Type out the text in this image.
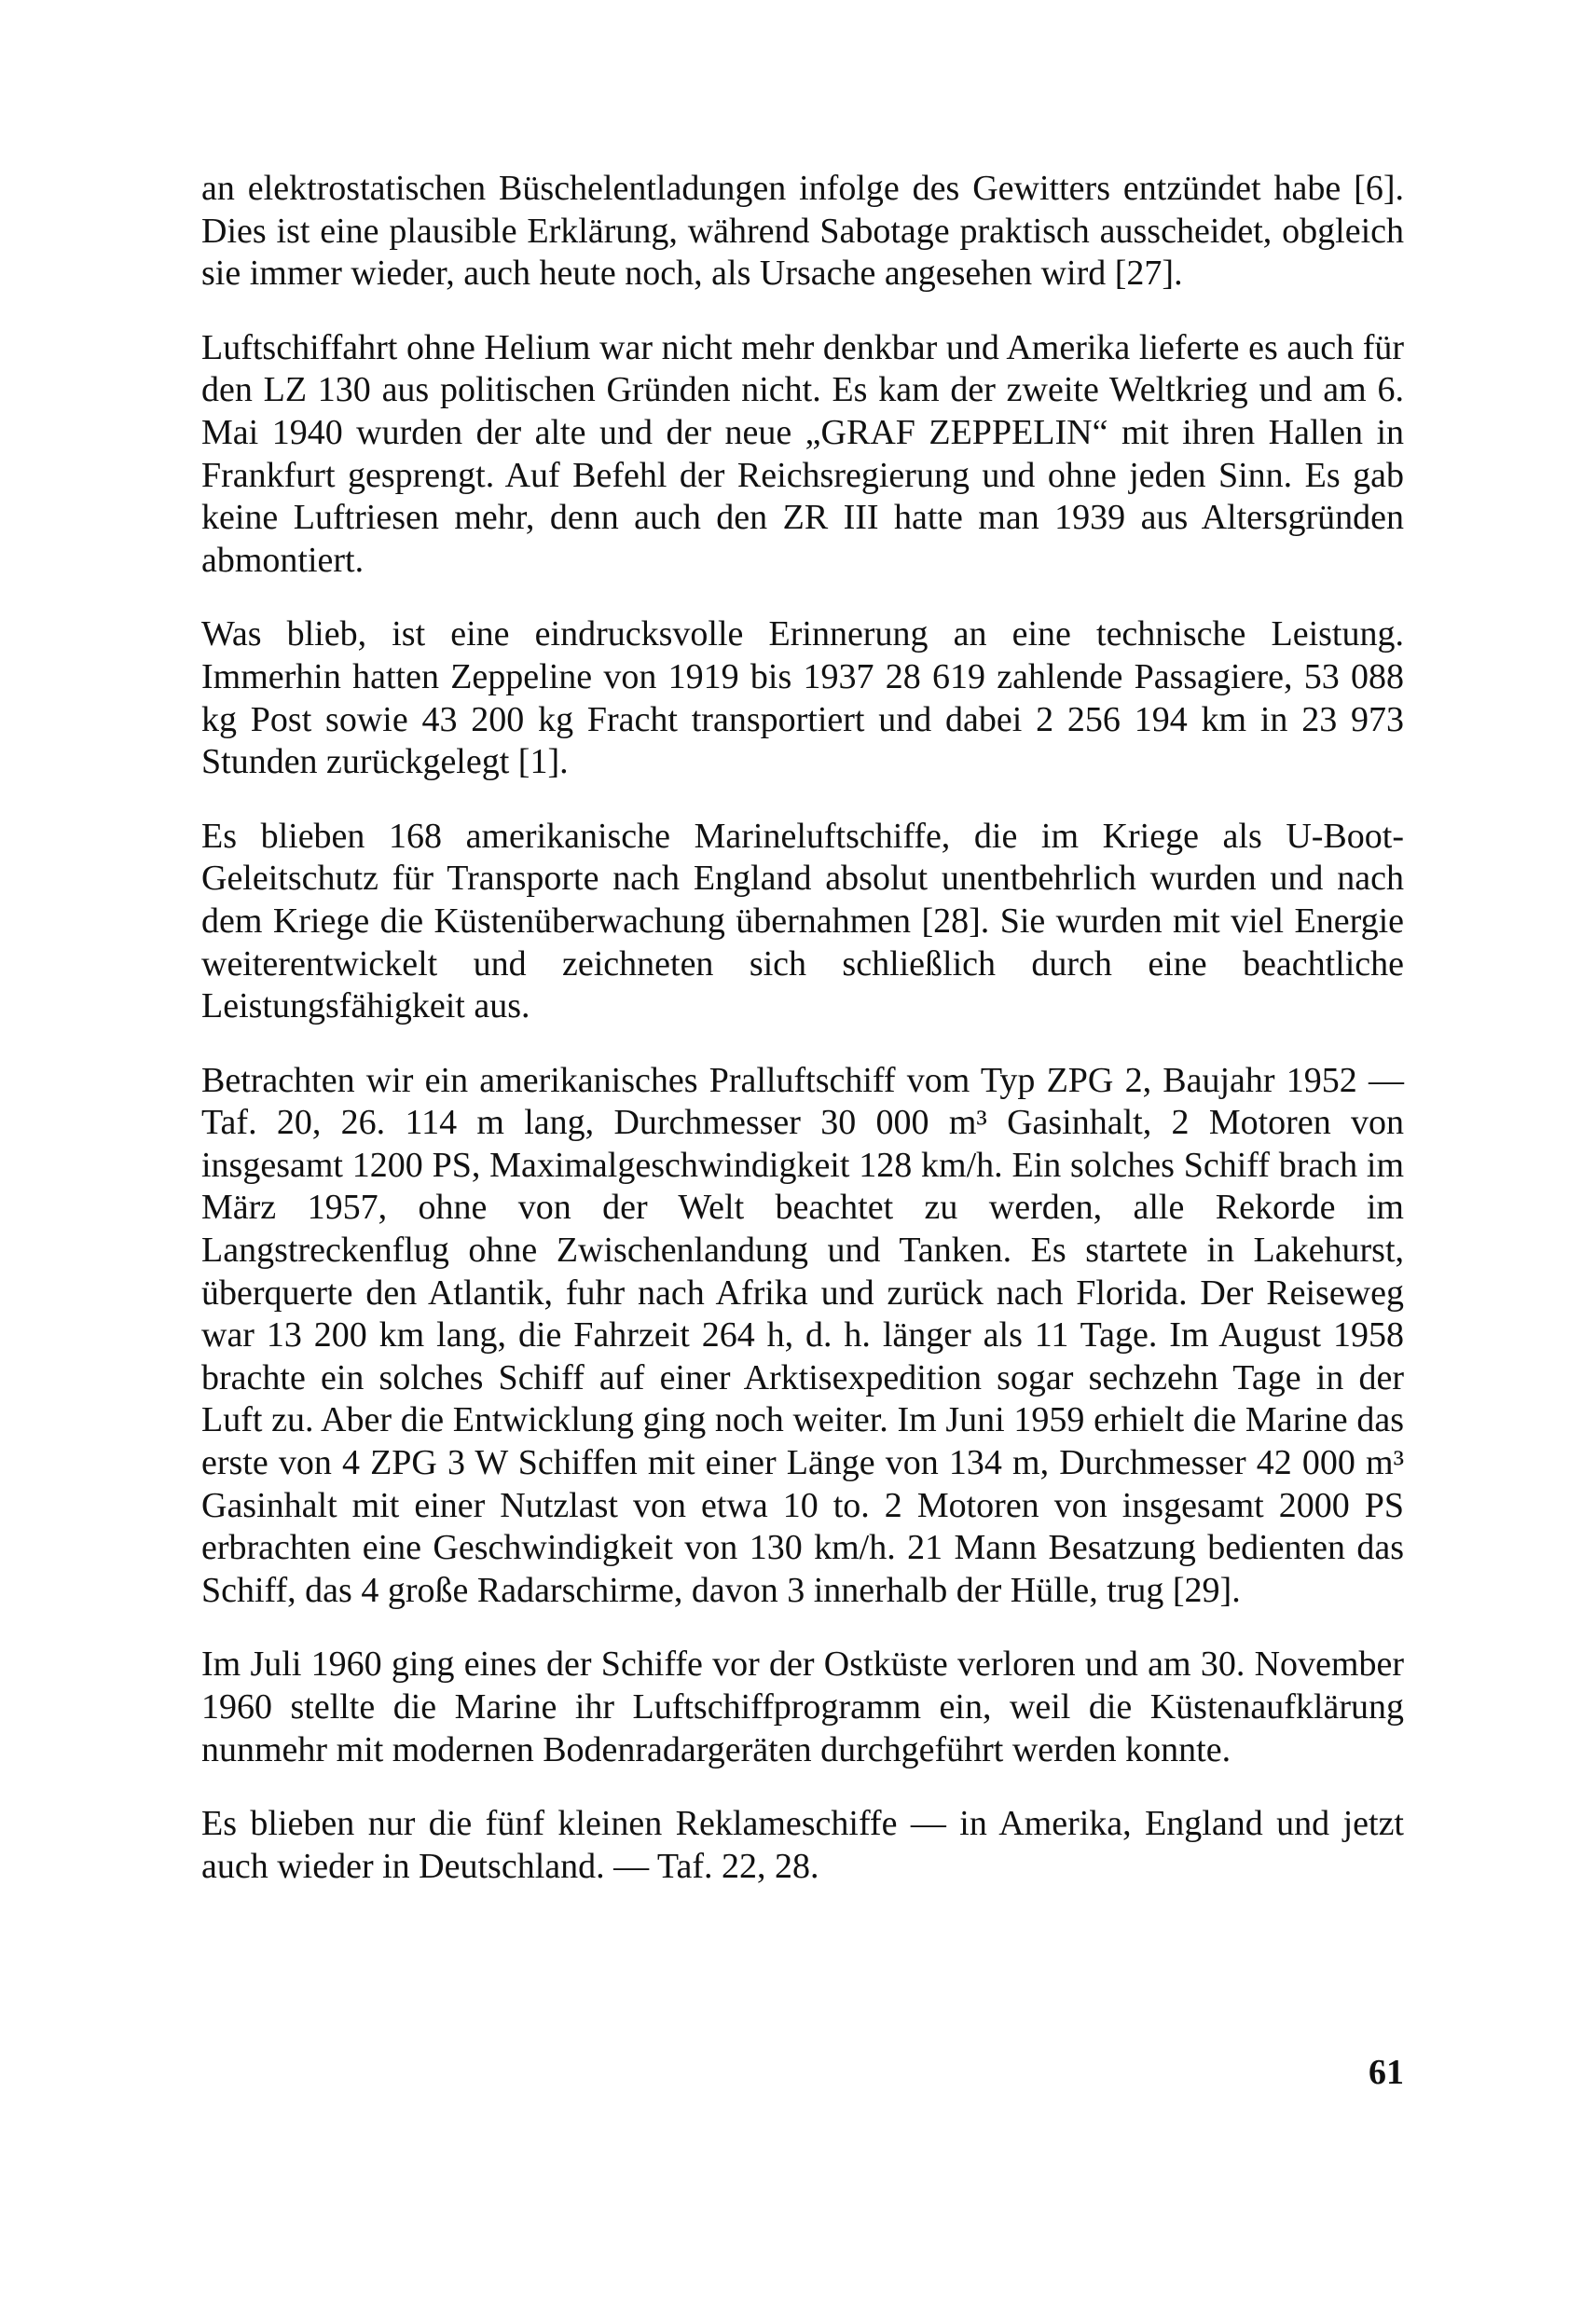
an elektrostatischen Büschelentladungen infolge des Gewitters entzündet habe [6]. Dies ist eine plausible Erklärung, während Sabotage praktisch ausscheidet, obgleich sie immer wieder, auch heute noch, als Ursache angesehen wird [27].

Luftschiffahrt ohne Helium war nicht mehr denkbar und Amerika lieferte es auch für den LZ 130 aus politischen Gründen nicht. Es kam der zweite Weltkrieg und am 6. Mai 1940 wurden der alte und der neue „GRAF ZEPPELIN“ mit ihren Hallen in Frankfurt gesprengt. Auf Befehl der Reichsregierung und ohne jeden Sinn. Es gab keine Luftriesen mehr, denn auch den ZR III hatte man 1939 aus Altersgründen abmontiert.

Was blieb, ist eine eindrucksvolle Erinnerung an eine technische Leistung. Immerhin hatten Zeppeline von 1919 bis 1937 28 619 zahlende Passagiere, 53 088 kg Post sowie 43 200 kg Fracht transportiert und dabei 2 256 194 km in 23 973 Stunden zurückgelegt [1].

Es blieben 168 amerikanische Marineluftschiffe, die im Kriege als U-Boot-Geleitschutz für Transporte nach England absolut unentbehrlich wurden und nach dem Kriege die Küstenüberwachung übernahmen [28]. Sie wurden mit viel Energie weiterentwickelt und zeichneten sich schließlich durch eine beachtliche Leistungsfähigkeit aus.

Betrachten wir ein amerikanisches Pralluftschiff vom Typ ZPG 2, Baujahr 1952 — Taf. 20, 26. 114 m lang, Durchmesser 30 000 m³ Gasinhalt, 2 Motoren von insgesamt 1200 PS, Maximalgeschwindigkeit 128 km/h. Ein solches Schiff brach im März 1957, ohne von der Welt beachtet zu werden, alle Rekorde im Langstreckenflug ohne Zwischenlandung und Tanken. Es startete in Lakehurst, überquerte den Atlantik, fuhr nach Afrika und zurück nach Florida. Der Reiseweg war 13 200 km lang, die Fahrzeit 264 h, d. h. länger als 11 Tage. Im August 1958 brachte ein solches Schiff auf einer Arktisexpedition sogar sechzehn Tage in der Luft zu. Aber die Entwicklung ging noch weiter. Im Juni 1959 erhielt die Marine das erste von 4 ZPG 3 W Schiffen mit einer Länge von 134 m, Durchmesser 42 000 m³ Gasinhalt mit einer Nutzlast von etwa 10 to. 2 Motoren von insgesamt 2000 PS erbrachten eine Geschwindigkeit von 130 km/h. 21 Mann Besatzung bedienten das Schiff, das 4 große Radarschirme, davon 3 innerhalb der Hülle, trug [29].

Im Juli 1960 ging eines der Schiffe vor der Ostküste verloren und am 30. November 1960 stellte die Marine ihr Luftschiffprogramm ein, weil die Küstenaufklärung nunmehr mit modernen Bodenradargeräten durchgeführt werden konnte.

Es blieben nur die fünf kleinen Reklameschiffe — in Amerika, England und jetzt auch wieder in Deutschland. — Taf. 22, 28.

61
